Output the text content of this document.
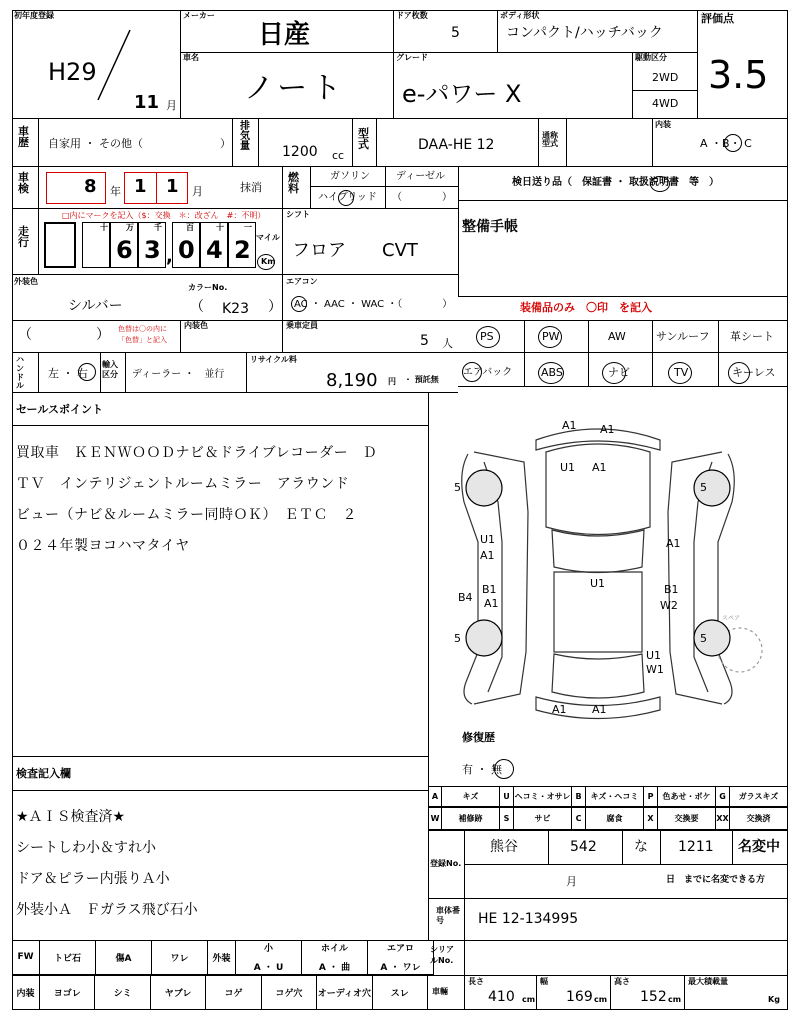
初年度登録
H29
11 月
メーカー
日産
車名
ノート
ドア枚数
5
ボディ形状
コンパクト/ハッチバック
グレード
e-パワー X
駆動区分
2WD
4WD
評価点
3.5
車歴 自家用 ・ その他（　　　　　　　）
排気量 1200 cc
型式	DAA-HE 12
通称型式
内装
A ・B・ C
車検	8 年 1 1 月	抹消
燃料
ガソリン	ディーゼル
ハイブリッド （　　　　）
検日送り品（　保証書 ・ 取扱説明書　等　）
走行
□内にマークを記入（$：交換　＊：改ざん　#：不明）
十 万	千	百	十	一
6 3 , 0 4 2 マイル
Km
シフト
フロア　　CVT
整備手帳
外装色
シルバー
カラーNo.
（ K23 ）
エアコン
AC ・ AAC ・ WAC ・（　　　　）	装備品のみ　〇印　を記入
（	） 色替は〇の内に「色替」と記入
内装色	乗車定員
5 人
PS	PW	AW	サンルーフ 革シート
エアバック	ABS	ナビ	TV	キーレス
ハンドル
左 ・ 右
輸入区分	ディーラー ・　並行
リサイクル料
8,190 円 ・ 預託無
セールスポイント
買取車　ＫＥＮＷＯＯＤナビ＆ドライブレコーダー　Ｄ
ＴＶ　インテリジェントルームミラー　アラウンド
ビュー（ナビ＆ルームミラー同時ＯＫ）　ＥＴＣ　２
０２４年製ヨコハマタイヤ
検査記入欄
★ＡＩＳ検査済★
シートしわ小＆すれ小
ドア＆ピラー内張りＡ小
外装小Ａ　Ｆガラス飛び石小
A1 A1
U1 A1
5	5
U1
A1
A1
U1
B1
A1
B4
B1
W2
5	5
U1
W1
A1 A1
スペア
修復歴
有 ・ 無
A	キズ	U ヘコミ・オサレ B	キズ・ヘコミ	P	色あせ・ボケ	G	ガラスキズ
W	補修跡	S	サビ	C	腐食	X	交換要	XX	交換済
登録No.
熊谷	542	な 1211 名変中
月	日　までに名変できる方
車体番号	HE 12-134995
FW	トビ石	傷A	ワレ	外装
小
A ・ U
ホイル
A ・ 曲
エアロ
A ・ ワレ
内装	ヨゴレ	シミ	ヤブレ	コゲ	コゲ穴	オーディオ穴	スレ
シリアルNo.
車輛
長さ
410 cm
幅
169 cm
高さ
152 cm
最大積載量
Kg
